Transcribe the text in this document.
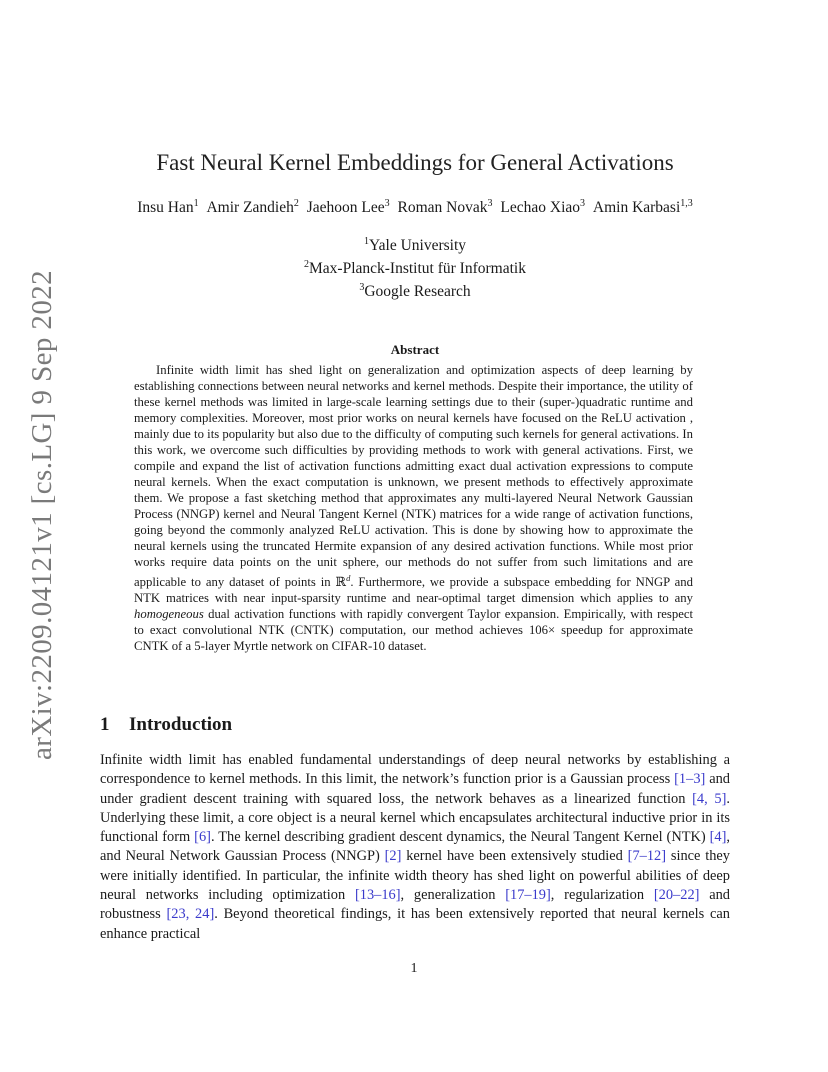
arXiv:2209.04121v1 [cs.LG] 9 Sep 2022
Fast Neural Kernel Embeddings for General Activations
Insu Han$^1$ Amir Zandieh$^2$ Jaehoon Lee$^3$ Roman Novak$^3$ Lechao Xiao$^3$ Amin Karbasi$^{1,3}$
$^1$Yale University
$^2$Max-Planck-Institut für Informatik
$^3$Google Research
Abstract

Infinite width limit has shed light on generalization and optimization aspects of deep learning by establishing connections between neural networks and kernel methods. Despite their importance, the utility of these kernel methods was limited in large-scale learning settings due to their (super-)quadratic runtime and memory complexities. Moreover, most prior works on neural kernels have focused on the ReLU activation , mainly due to its popularity but also due to the difficulty of computing such kernels for general activations. In this work, we overcome such difficulties by providing methods to work with general activations. First, we compile and expand the list of activation functions admitting exact dual activation expressions to compute neural kernels. When the exact computation is unknown, we present methods to effectively approximate them. We propose a fast sketching method that approximates any multi-layered Neural Network Gaussian Process (NNGP) kernel and Neural Tangent Kernel (NTK) matrices for a wide range of activation functions, going beyond the commonly analyzed ReLU activation. This is done by showing how to approximate the neural kernels using the truncated Hermite expansion of any desired activation functions. While most prior works require data points on the unit sphere, our methods do not suffer from such limitations and are applicable to any dataset of points in ℝ$^d$. Furthermore, we provide a subspace embedding for NNGP and NTK matrices with near input-sparsity runtime and near-optimal target dimension which applies to any homogeneous dual activation functions with rapidly convergent Taylor expansion. Empirically, with respect to exact convolutional NTK (CNTK) computation, our method achieves 106× speedup for approximate CNTK of a 5-layer Myrtle network on CIFAR-10 dataset.

1 Introduction

Infinite width limit has enabled fundamental understandings of deep neural networks by establishing a correspondence to kernel methods. In this limit, the network’s function prior is a Gaussian process [1–3] and under gradient descent training with squared loss, the network behaves as a linearized function [4, 5]. Underlying these limit, a core object is a neural kernel which encapsulates architectural inductive prior in its functional form [6]. The kernel describing gradient descent dynamics, the Neural Tangent Kernel (NTK) [4], and Neural Network Gaussian Process (NNGP) [2] kernel have been extensively studied [7–12] since they were initially identified. In particular, the infinite width theory has shed light on powerful abilities of deep neural networks including optimization [13–16], generalization [17–19], regularization [20–22] and robustness [23, 24]. Beyond theoretical findings, it has been extensively reported that neural kernels can enhance practical

1
